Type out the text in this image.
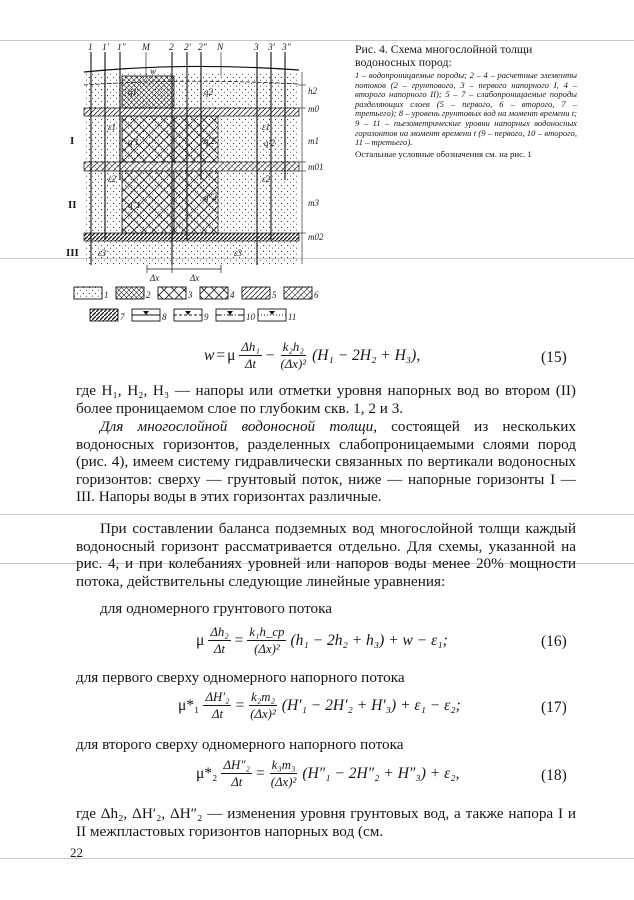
1 1' 1" M 2 2' 2" N	3 3' 3"
h2
m0
m1
m01
m3
m02
w
q1	q2
ε1
q'1	q'2
ε1
ε2
q"1
q"2
ε2
ε3	ε3
q'2
I
II
III
Δx	Δx
1	2	3	4	5	6
7	8	9	10	11

Рис. 4. Схема многослойной толщи водоносных пород:

1 – водопроницаемые породы; 2 – 4 – расчетные элементы потоков (2 – грунтового, 3 – первого напорного I, 4 – второго напорного II); 5 – 7 – слабопроницаемые породы разделяющих слоев (5 – первого, 6 – второго, 7 – третьего); 8 – уровень грунтовых вод на момент времени t; 9 – 11 – пьезометрические уровни напорных водоносных горизонтов на момент времени t (9 – первого, 10 – второго, 11 – третьего).

Остальные условные обозначения см. на рис. 1

w = μ $\frac{\text{Δh₁}}{\Delta t} - \frac{\text{k₂h₂}}{\text{(Δx)²}} (H_1 - 2H_2 + H_3)$,	(15)

где H₁, H₂, H₃ — напоры или отметки уровня напорных вод во втором (II) более проницаемом слое по глубоким скв. 1, 2 и 3.

Для многослойной водоносной толщи, состоящей из нескольких водоносных горизонтов, разделенных слабопроницаемыми слоями пород (рис. 4), имеем систему гидравлически связанных по вертикали водоносных горизонтов: сверху — грунтовый поток, ниже — напорные горизонты I — III. Напоры воды в этих горизонтах различные.

При составлении баланса подземных вод многослойной толщи каждый водоносный горизонт рассматривается отдельно. Для схемы, указанной на рис. 4, и при колебаниях уровней или напоров воды менее 20% мощности потока, действительны следующие линейные уравнения:

для одномерного грунтового потока

μ $\frac{\text{Δh₂}}{\Delta t} = \frac{\text{k₁h\_ср}}{\text{(Δx)²}} (h_1 - 2h_2 + h_3) + w - \varepsilon_1$;	(16)

для первого сверху одномерного напорного потока

$\mu*_1 \frac{\text{ΔH′₂}}{\Delta t} = \frac{\text{k₂m₂}}{\text{(Δx)²}} (H'_1 - 2H'_2 + H'_3) + \varepsilon_1 - \varepsilon_2$;	(17)

для второго сверху одномерного напорного потока

$\mu*_2 \frac{\text{ΔH″₂}}{\Delta t} = \frac{\text{k₃m₃}}{\text{(Δx)²}} (H''_1 - 2H''_2 + H''_3) + \varepsilon_2$,	(18)

где Δh₂, ΔH′₂, ΔH″₂ — изменения уровня грунтовых вод, а также напора I и II межпластовых горизонтов напорных вод (см.

22
